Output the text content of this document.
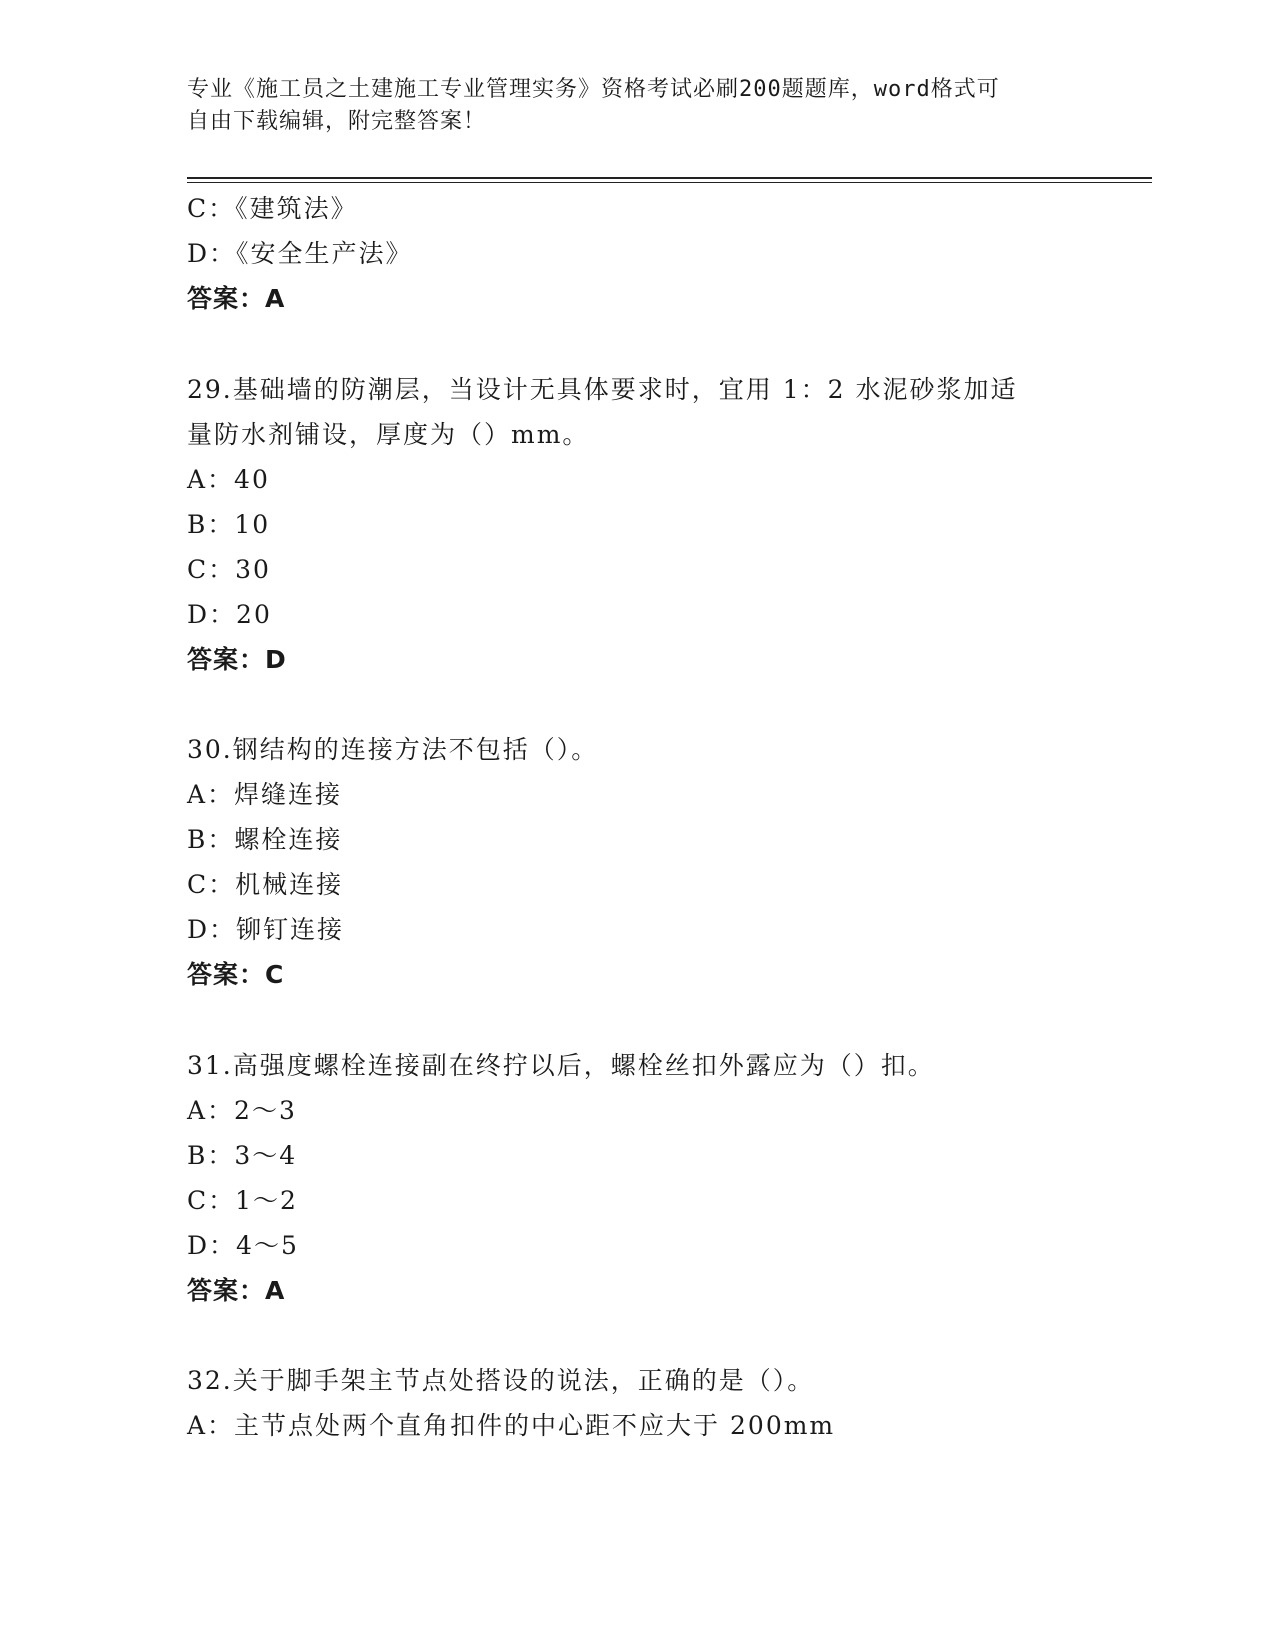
专业《施工员之土建施工专业管理实务》资格考试必刷200题题库，word格式可
自由下载编辑，附完整答案！
C：《建筑法》
D：《安全生产法》
答案：A
29.基础墙的防潮层，当设计无具体要求时，宜用 1：2 水泥砂浆加适
量防水剂铺设，厚度为（）mm。
A：40
B：10
C：30
D：20
答案：D
30.钢结构的连接方法不包括（）。
A：焊缝连接
B：螺栓连接
C：机械连接
D：铆钉连接
答案：C
31.高强度螺栓连接副在终拧以后，螺栓丝扣外露应为（）扣。
A：2～3
B：3～4
C：1～2
D：4～5
答案：A
32.关于脚手架主节点处搭设的说法，正确的是（）。
A：主节点处两个直角扣件的中心距不应大于 200mm
